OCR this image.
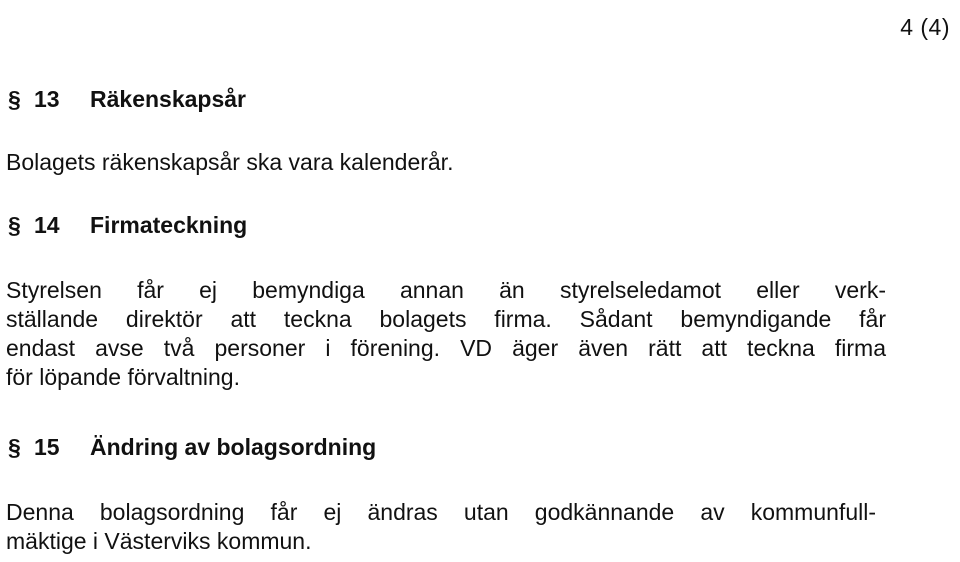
4 (4)
§ 13 Räkenskapsår
Bolagets räkenskapsår ska vara kalenderår.
§ 14 Firmateckning
Styrelsen får ej bemyndiga annan än styrelseledamot eller verk-
ställande direktör att teckna bolagets firma. Sådant bemyndigande får
endast avse två personer i förening. VD äger även rätt att teckna firma
för löpande förvaltning.
§ 15 Ändring av bolagsordning
Denna bolagsordning får ej ändras utan godkännande av kommunfull-
mäktige i Västerviks kommun.
